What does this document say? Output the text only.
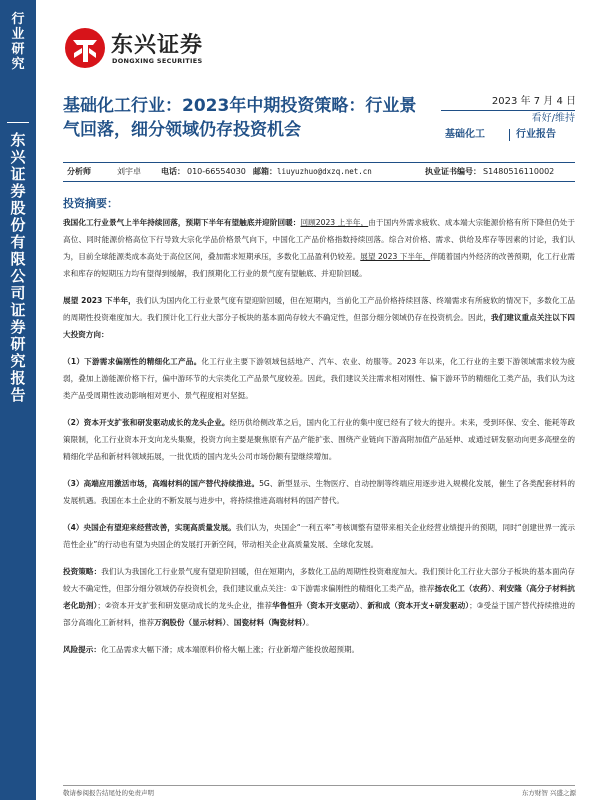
行
业
研
究
东
兴
证
券
股
份
有
限
公
司
证
券
研
究
报
告
东兴证券
DONGXING SECURITIES
基础化工行业：2023年中期投资策略：行业景气回落，细分领域仍存投资机会
2023 年 7 月 4 日
看好/维持
基础化工	行业报告
分析师	刘宇卓	电话： 010-66554030 邮箱： liuyuzhuo@dxzq.net.cn	执业证书编号： S1480516110002
投资摘要：

我国化工行业景气上半年持续回落，预期下半年有望触底并迎阶回暖：回顾2023 上半年，由于国内外需求疲软、成本端大宗能源价格有所下降但仍处于高位、同时能源价格高位下行导致大宗化学品价格景气向下，中国化工产品价格指数持续回落。综合对价格、需求、供给及库存等因素的讨论，我们认为，目前全球能源类成本高处于高位区间，叠加需求短期承压，多数化工品盈利仍较差。展望 2023 下半年，伴随着国内外经济的改善预期，化工行业需求和库存的短期压力均有望得到缓解，我们预期化工行业的景气度有望触底、并迎阶回暖。

展望 2023 下半年，我们认为国内化工行业景气度有望迎阶回暖，但在短期内，当前化工产品价格持续回落、终端需求有所疲软的情况下，多数化工品的周期性投资难度加大。我们预计化工行业大部分子板块的基本面尚存较大不确定性，但部分细分领域仍存在投资机会。因此，我们建议重点关注以下四大投资方向：

（1）下游需求偏刚性的精细化工产品。化工行业主要下游领域包括地产、汽车、农业、纺服等。2023 年以来，化工行业的主要下游领域需求较为疲弱，叠加上游能源价格下行，偏中游环节的大宗类化工产品景气度较差。因此，我们建议关注需求相对刚性、偏下游环节的精细化工类产品，我们认为这类产品受周期性波动影响相对更小、景气程度相对坚挺。

（2）资本开支扩张和研发驱动成长的龙头企业。经历供给侧改革之后，国内化工行业的集中度已经有了较大的提升。未来，受到环保、安全、能耗等政策限制，化工行业资本开支向龙头集聚，投资方向主要是聚焦原有产品产能扩张、围绕产业链向下游高附加值产品延伸、或通过研发驱动向更多高壁垒的精细化学品和新材料领域拓展，一批优质的国内龙头公司市场份额有望继续增加。

（3）高端应用激活市场，高端材料的国产替代持续推进。5G、新型显示、生物医疗、自动控制等终端应用逐步进入规模化发展，催生了各类配套材料的发展机遇。我国在本土企业的不断发展与进步中，将持续推进高端材料的国产替代。

（4）央国企有望迎来经营改善，实现高质量发展。我们认为，央国企“一利五率”考核调整有望带来相关企业经营业绩提升的预期，同时“创建世界一流示范性企业”的行动也有望为央国企的发展打开新空间，带动相关企业高质量发展、全球化发展。

投资策略：我们认为我国化工行业景气度有望迎阶回暖，但在短期内，多数化工品的周期性投资难度加大。我们预计化工行业大部分子板块的基本面尚存较大不确定性，但部分细分领域仍存投资机会，我们建议重点关注：①下游需求偏刚性的精细化工类产品，推荐扬农化工（农药）、利安隆（高分子材料抗老化助剂）；②资本开支扩张和研发驱动成长的龙头企业，推荐华鲁恒升（资本开支驱动）、新和成（资本开支+研发驱动）；③受益于国产替代持续推进的部分高端化工新材料，推荐万润股份（显示材料）、国瓷材料（陶瓷材料）。

风险提示：化工品需求大幅下滑；成本端原料价格大幅上涨；行业新增产能投放超预期。

敬请参阅报告结尾处的免责声明	东方财智 兴盛之源
